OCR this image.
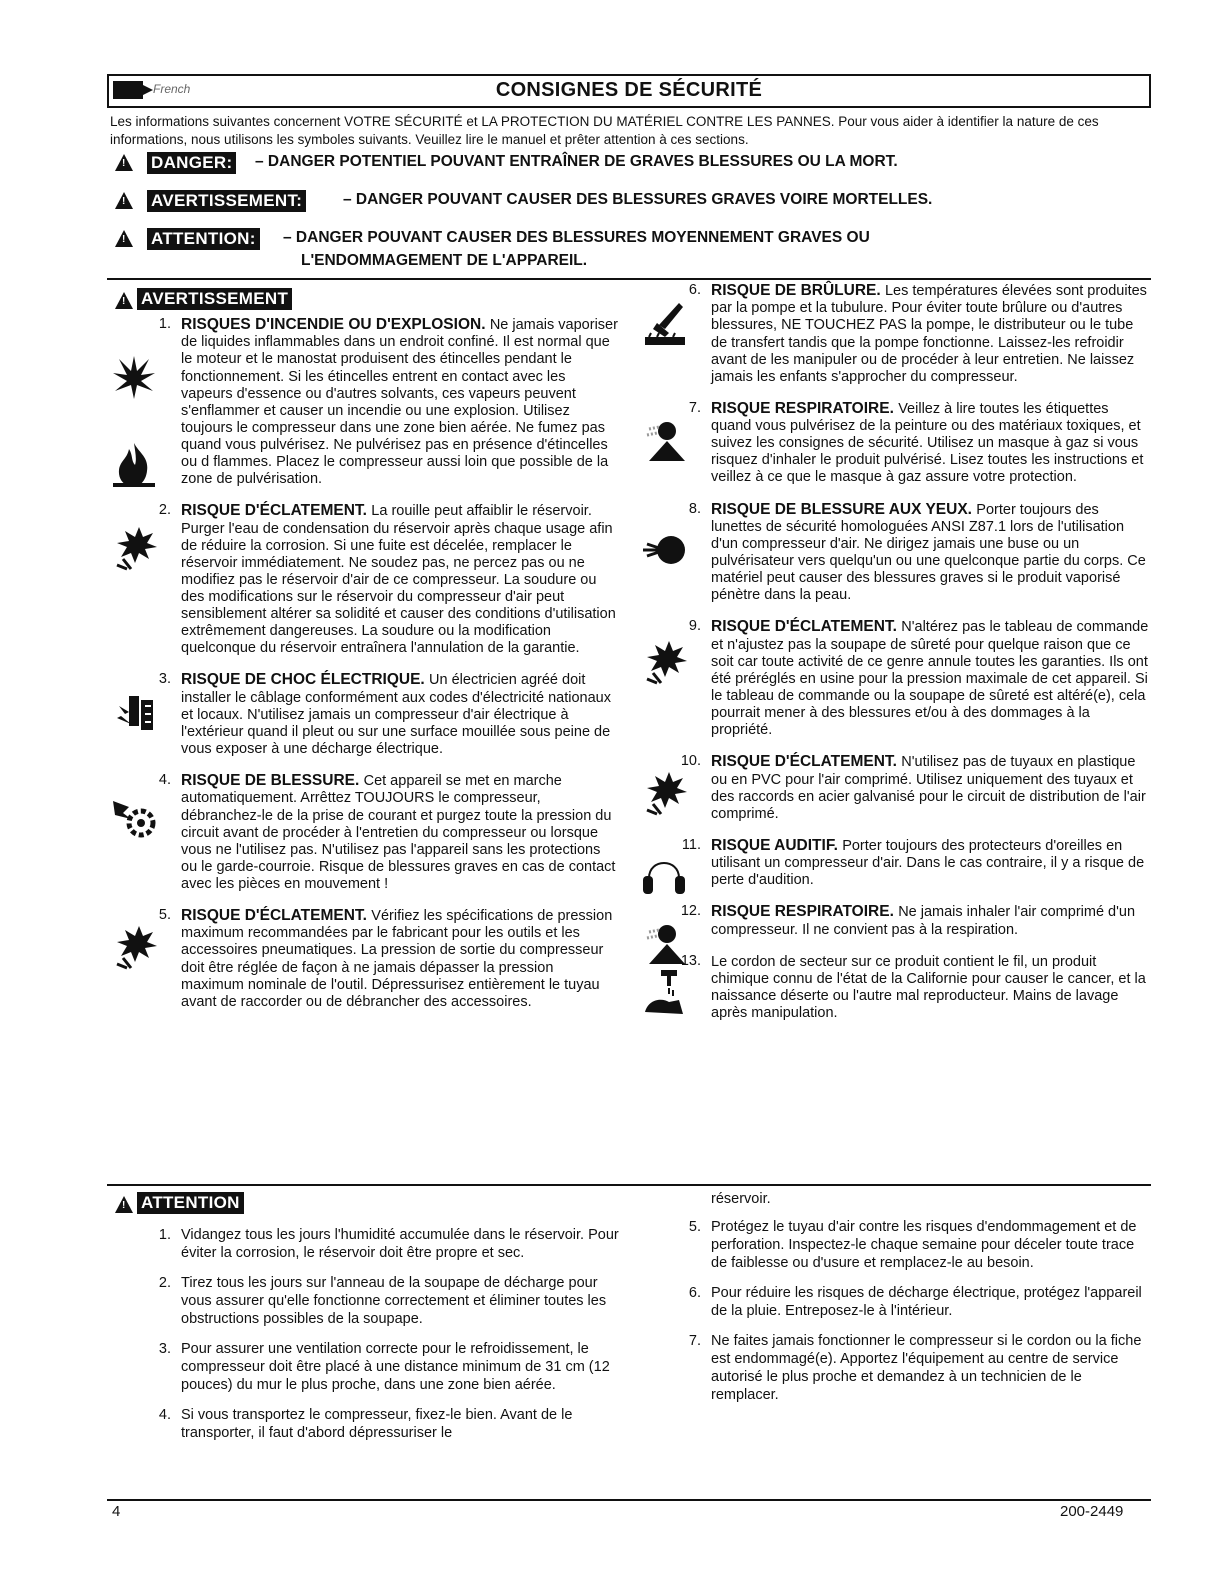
French	CONSIGNES DE SÉCURITÉ
Les informations suivantes concernent VOTRE SÉCURITÉ et LA PROTECTION DU MATÉRIEL CONTRE LES PANNES. Pour vous aider à identifier la nature de ces informations, nous utilisons les symboles suivants. Veuillez lire le manuel et prêter attention à ces sections.
!
DANGER: – DANGER POTENTIEL POUVANT ENTRAÎNER DE GRAVES BLESSURES OU LA MORT.
!
AVERTISSEMENT:	– DANGER POUVANT CAUSER DES BLESSURES GRAVES VOIRE MORTELLES.
!
ATTENTION: – DANGER POUVANT CAUSER DES BLESSURES MOYENNEMENT GRAVES OU
L'ENDOMMAGEMENT DE L'APPAREIL.
!
AVERTISSEMENT
1. RISQUES D'INCENDIE OU D'EXPLOSION. Ne jamais vaporiser de liquides inflammables dans un endroit confiné. Il est normal que le moteur et le manostat produisent des étincelles pendant le fonctionnement. Si les étincelles entrent en contact avec les vapeurs d'essence ou d'autres solvants, ces vapeurs peuvent s'enflammer et causer un incendie ou une explosion. Utilisez toujours le compresseur dans une zone bien aérée. Ne fumez pas quand vous pulvérisez. Ne pulvérisez pas en présence d'étincelles ou d flammes. Placez le compresseur aussi loin que possible de la zone de pulvérisation.
2. RISQUE D'ÉCLATEMENT. La rouille peut affaiblir le réservoir. Purger l'eau de condensation du réservoir après chaque usage afin de réduire la corrosion. Si une fuite est décelée, remplacer le réservoir immédiatement. Ne soudez pas, ne percez pas ou ne modifiez pas le réservoir d'air de ce compresseur. La soudure ou des modifications sur le réservoir du compresseur d'air peut sensiblement altérer sa solidité et causer des conditions d'utilisation extrêmement dangereuses. La soudure ou la modification quelconque du réservoir entraînera l'annulation de la garantie.
3. RISQUE DE CHOC ÉLECTRIQUE. Un électricien agréé doit installer le câblage conformément aux codes d'électricité nationaux et locaux. N'utilisez jamais un compresseur d'air électrique à l'extérieur quand il pleut ou sur une surface mouillée sous peine de vous exposer à une décharge électrique.
4. RISQUE DE BLESSURE. Cet appareil se met en marche automatiquement. Arrêttez TOUJOURS le compresseur, débranchez-le de la prise de courant et purgez toute la pression du circuit avant de procéder à l'entretien du compresseur ou lorsque vous ne l'utilisez pas. N'utilisez pas l'appareil sans les protections ou le garde-courroie. Risque de blessures graves en cas de contact avec les pièces en mouvement !
5. RISQUE D'ÉCLATEMENT. Vérifiez les spécifications de pression maximum recommandées par le fabricant pour les outils et les accessoires pneumatiques. La pression de sortie du compresseur doit être réglée de façon à ne jamais dépasser la pression maximum nominale de l'outil. Dépressurisez entièrement le tuyau avant de raccorder ou de débrancher des accessoires.
6. RISQUE DE BRÛLURE. Les températures élevées sont produites par la pompe et la tubulure. Pour éviter toute brûlure ou d'autres blessures, NE TOUCHEZ PAS la pompe, le distributeur ou le tube de transfert tandis que la pompe fonctionne. Laissez-les refroidir avant de les manipuler ou de procéder à leur entretien. Ne laissez jamais les enfants s'approcher du compresseur.
7. RISQUE RESPIRATOIRE. Veillez à lire toutes les étiquettes quand vous pulvérisez de la peinture ou des matériaux toxiques, et suivez les consignes de sécurité. Utilisez un masque à gaz si vous risquez d'inhaler le produit pulvérisé. Lisez toutes les instructions et veillez à ce que le masque à gaz assure votre protection.
8. RISQUE DE BLESSURE AUX YEUX. Porter toujours des lunettes de sécurité homologuées ANSI Z87.1 lors de l'utilisation d'un compresseur d'air. Ne dirigez jamais une buse ou un pulvérisateur vers quelqu'un ou une quelconque partie du corps. Ce matériel peut causer des blessures graves si le produit vaporisé pénètre dans la peau.
9. RISQUE D'ÉCLATEMENT. N'altérez pas le tableau de commande et n'ajustez pas la soupape de sûreté pour quelque raison que ce soit car toute activité de ce genre annule toutes les garanties. Ils ont été préréglés en usine pour la pression maximale de cet appareil. Si le tableau de commande ou la soupape de sûreté est altéré(e), cela pourrait mener à des blessures et/ou à des dommages à la propriété.
10. RISQUE D'ÉCLATEMENT. N'utilisez pas de tuyaux en plastique ou en PVC pour l'air comprimé. Utilisez uniquement des tuyaux et des raccords en acier galvanisé pour le circuit de distribution de l'air comprimé.
11. RISQUE AUDITIF. Porter toujours des protecteurs d'oreilles en utilisant un compresseur d'air. Dans le cas contraire, il y a risque de perte d'audition.
12. RISQUE RESPIRATOIRE. Ne jamais inhaler l'air comprimé d'un compresseur. Il ne convient pas à la respiration.
13. Le cordon de secteur sur ce produit contient le fil, un produit chimique connu de l'état de la Californie pour causer le cancer, et la naissance déserte ou l'autre mal reproducteur. Mains de lavage après manipulation.
!
ATTENTION
1. Vidangez tous les jours l'humidité accumulée dans le réservoir. Pour éviter la corrosion, le réservoir doit être propre et sec.
2. Tirez tous les jours sur l'anneau de la soupape de décharge pour vous assurer qu'elle fonctionne correctement et éliminer toutes les obstructions possibles de la soupape.
3. Pour assurer une ventilation correcte pour le refroidissement, le compresseur doit être placé à une distance minimum de 31 cm (12 pouces) du mur le plus proche, dans une zone bien aérée.
4. Si vous transportez le compresseur, fixez-le bien. Avant de le transporter, il faut d'abord dépressuriser le
réservoir.
5. Protégez le tuyau d'air contre les risques d'endommagement et de perforation. Inspectez-le chaque semaine pour déceler toute trace de faiblesse ou d'usure et remplacez-le au besoin.
6. Pour réduire les risques de décharge électrique, protégez l'appareil de la pluie. Entreposez-le à l'intérieur.
7. Ne faites jamais fonctionner le compresseur si le cordon ou la fiche est endommagé(e). Apportez l'équipement au centre de service autorisé le plus proche et demandez à un technicien de le remplacer.
4	200-2449
